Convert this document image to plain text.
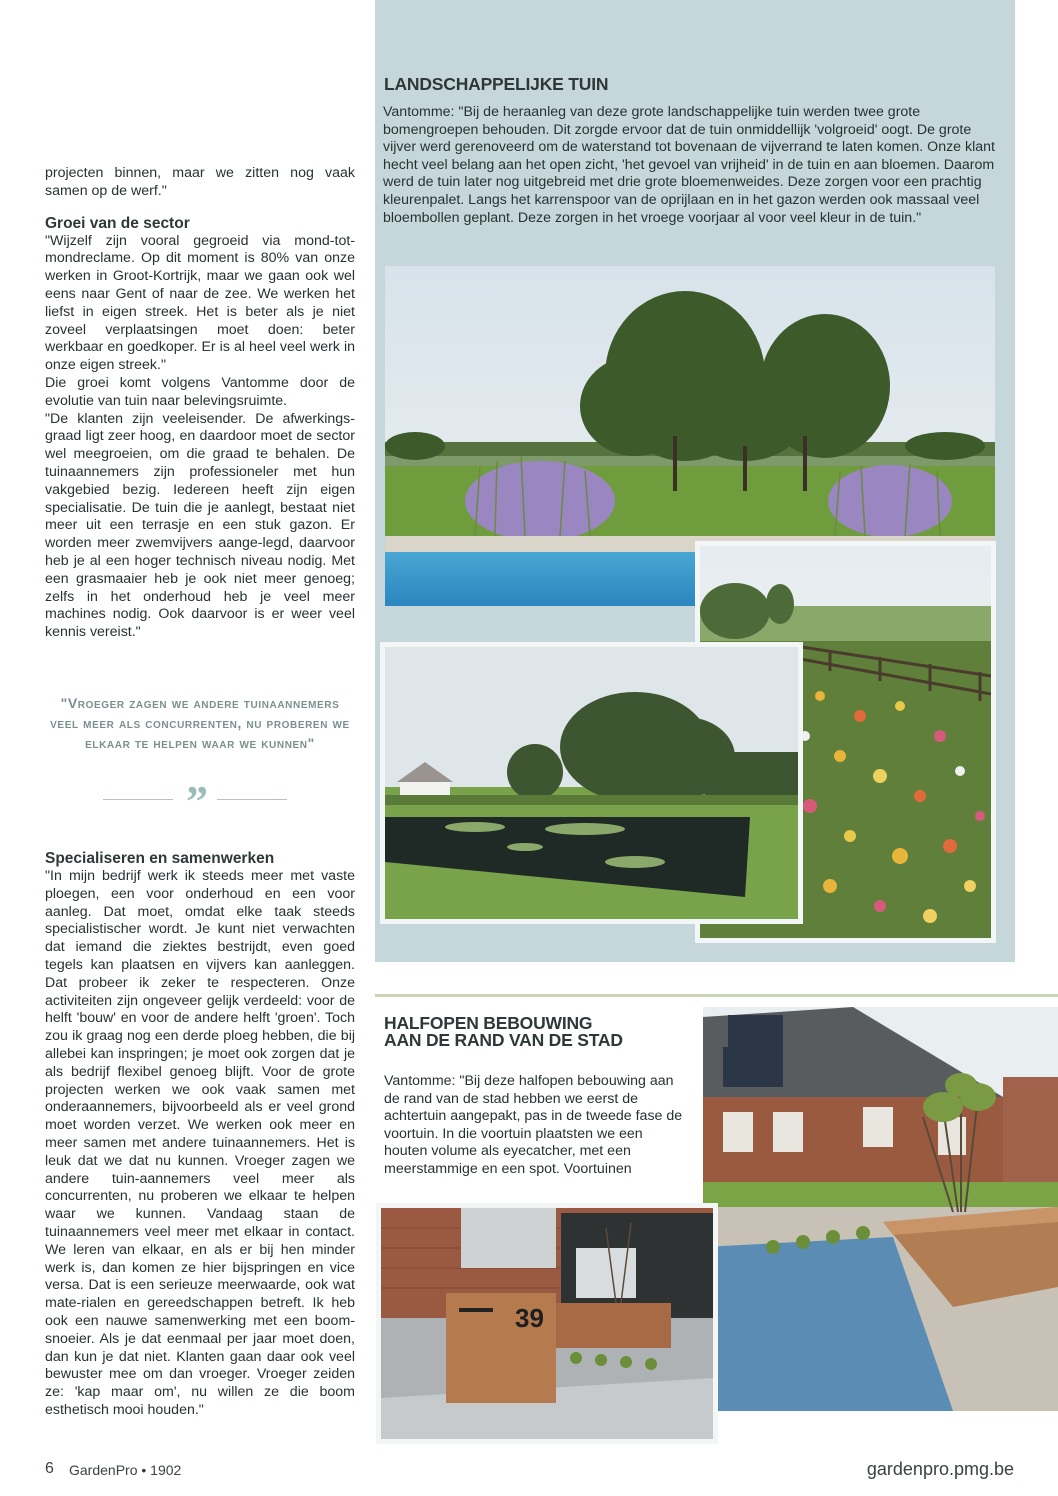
projecten binnen, maar we zitten nog vaak samen op de werf."

Groei van de sector

"Wijzelf zijn vooral gegroeid via mond-tot-mondreclame. Op dit moment is 80% van onze werken in Groot-Kortrijk, maar we gaan ook wel eens naar Gent of naar de zee. We werken het liefst in eigen streek. Het is beter als je niet zoveel verplaatsingen moet doen: beter werkbaar en goedkoper. Er is al heel veel werk in onze eigen streek."
Die groei komt volgens Vantomme door de evolutie van tuin naar belevingsruimte.
"De klanten zijn veeleisender. De afwerkings-graad ligt zeer hoog, en daardoor moet de sector wel meegroeien, om die graad te behalen. De tuinaannemers zijn professioneler met hun vakgebied bezig. Iedereen heeft zijn eigen specialisatie. De tuin die je aanlegt, bestaat niet meer uit een terrasje en een stuk gazon. Er worden meer zwemvijvers aange-legd, daarvoor heb je al een hoger technisch niveau nodig. Met een grasmaaier heb je ook niet meer genoeg; zelfs in het onderhoud heb je veel meer machines nodig. Ook daarvoor is er weer veel kennis vereist."

"Vroeger zagen we andere tuinaannemers veel meer als concurrenten, nu proberen we elkaar te helpen waar we kunnen"
”
Specialiseren en samenwerken

"In mijn bedrijf werk ik steeds meer met vaste ploegen, een voor onderhoud en een voor aanleg. Dat moet, omdat elke taak steeds specialistischer wordt. Je kunt niet verwachten dat iemand die ziektes bestrijdt, even goed tegels kan plaatsen en vijvers kan aanleggen. Dat probeer ik zeker te respecteren. Onze activiteiten zijn ongeveer gelijk verdeeld: voor de helft 'bouw' en voor de andere helft 'groen'. Toch zou ik graag nog een derde ploeg hebben, die bij allebei kan inspringen; je moet ook zorgen dat je als bedrijf flexibel genoeg blijft. Voor de grote projecten werken we ook vaak samen met onderaannemers, bijvoorbeeld als er veel grond moet worden verzet. We werken ook meer en meer samen met andere tuinaannemers. Het is leuk dat we dat nu kunnen. Vroeger zagen we andere tuin-aannemers veel meer als concurrenten, nu proberen we elkaar te helpen waar we kunnen. Vandaag staan de tuinaannemers veel meer met elkaar in contact. We leren van elkaar, en als er bij hen minder werk is, dan komen ze hier bijspringen en vice versa. Dat is een serieuze meerwaarde, ook wat mate-rialen en gereedschappen betreft. Ik heb ook een nauwe samenwerking met een boom-snoeier. Als je dat eenmaal per jaar moet doen, dan kun je dat niet. Klanten gaan daar ook veel bewuster mee om dan vroeger. Vroeger zeiden ze: 'kap maar om', nu willen ze die boom esthetisch mooi houden."

LANDSCHAPPELIJKE TUIN

Vantomme: "Bij de heraanleg van deze grote landschappelijke tuin werden twee grote bomengroepen behouden. Dit zorgde ervoor dat de tuin onmiddellijk 'volgroeid' oogt. De grote vijver werd gerenoveerd om de waterstand tot bovenaan de vijverrand te laten komen. Onze klant hecht veel belang aan het open zicht, 'het gevoel van vrijheid' in de tuin en aan bloemen. Daarom werd de tuin later nog uitgebreid met drie grote bloemenweides. Deze zorgen voor een prachtig kleurenpalet. Langs het karrenspoor van de oprijlaan en in het gazon werden ook massaal veel bloembollen geplant. Deze zorgen in het vroege voorjaar al voor veel kleur in de tuin."

HALFOPEN BEBOUWING
AAN DE RAND VAN DE STAD

Vantomme: "Bij deze halfopen bebouwing aan de rand van de stad hebben we eerst de achtertuin aangepakt, pas in de tweede fase de voortuin. In die voortuin plaatsten we een houten volume als eyecatcher, met een meerstammige en een spot. Voortuinen

39
6 GardenPro • 1902	gardenpro.pmg.be
